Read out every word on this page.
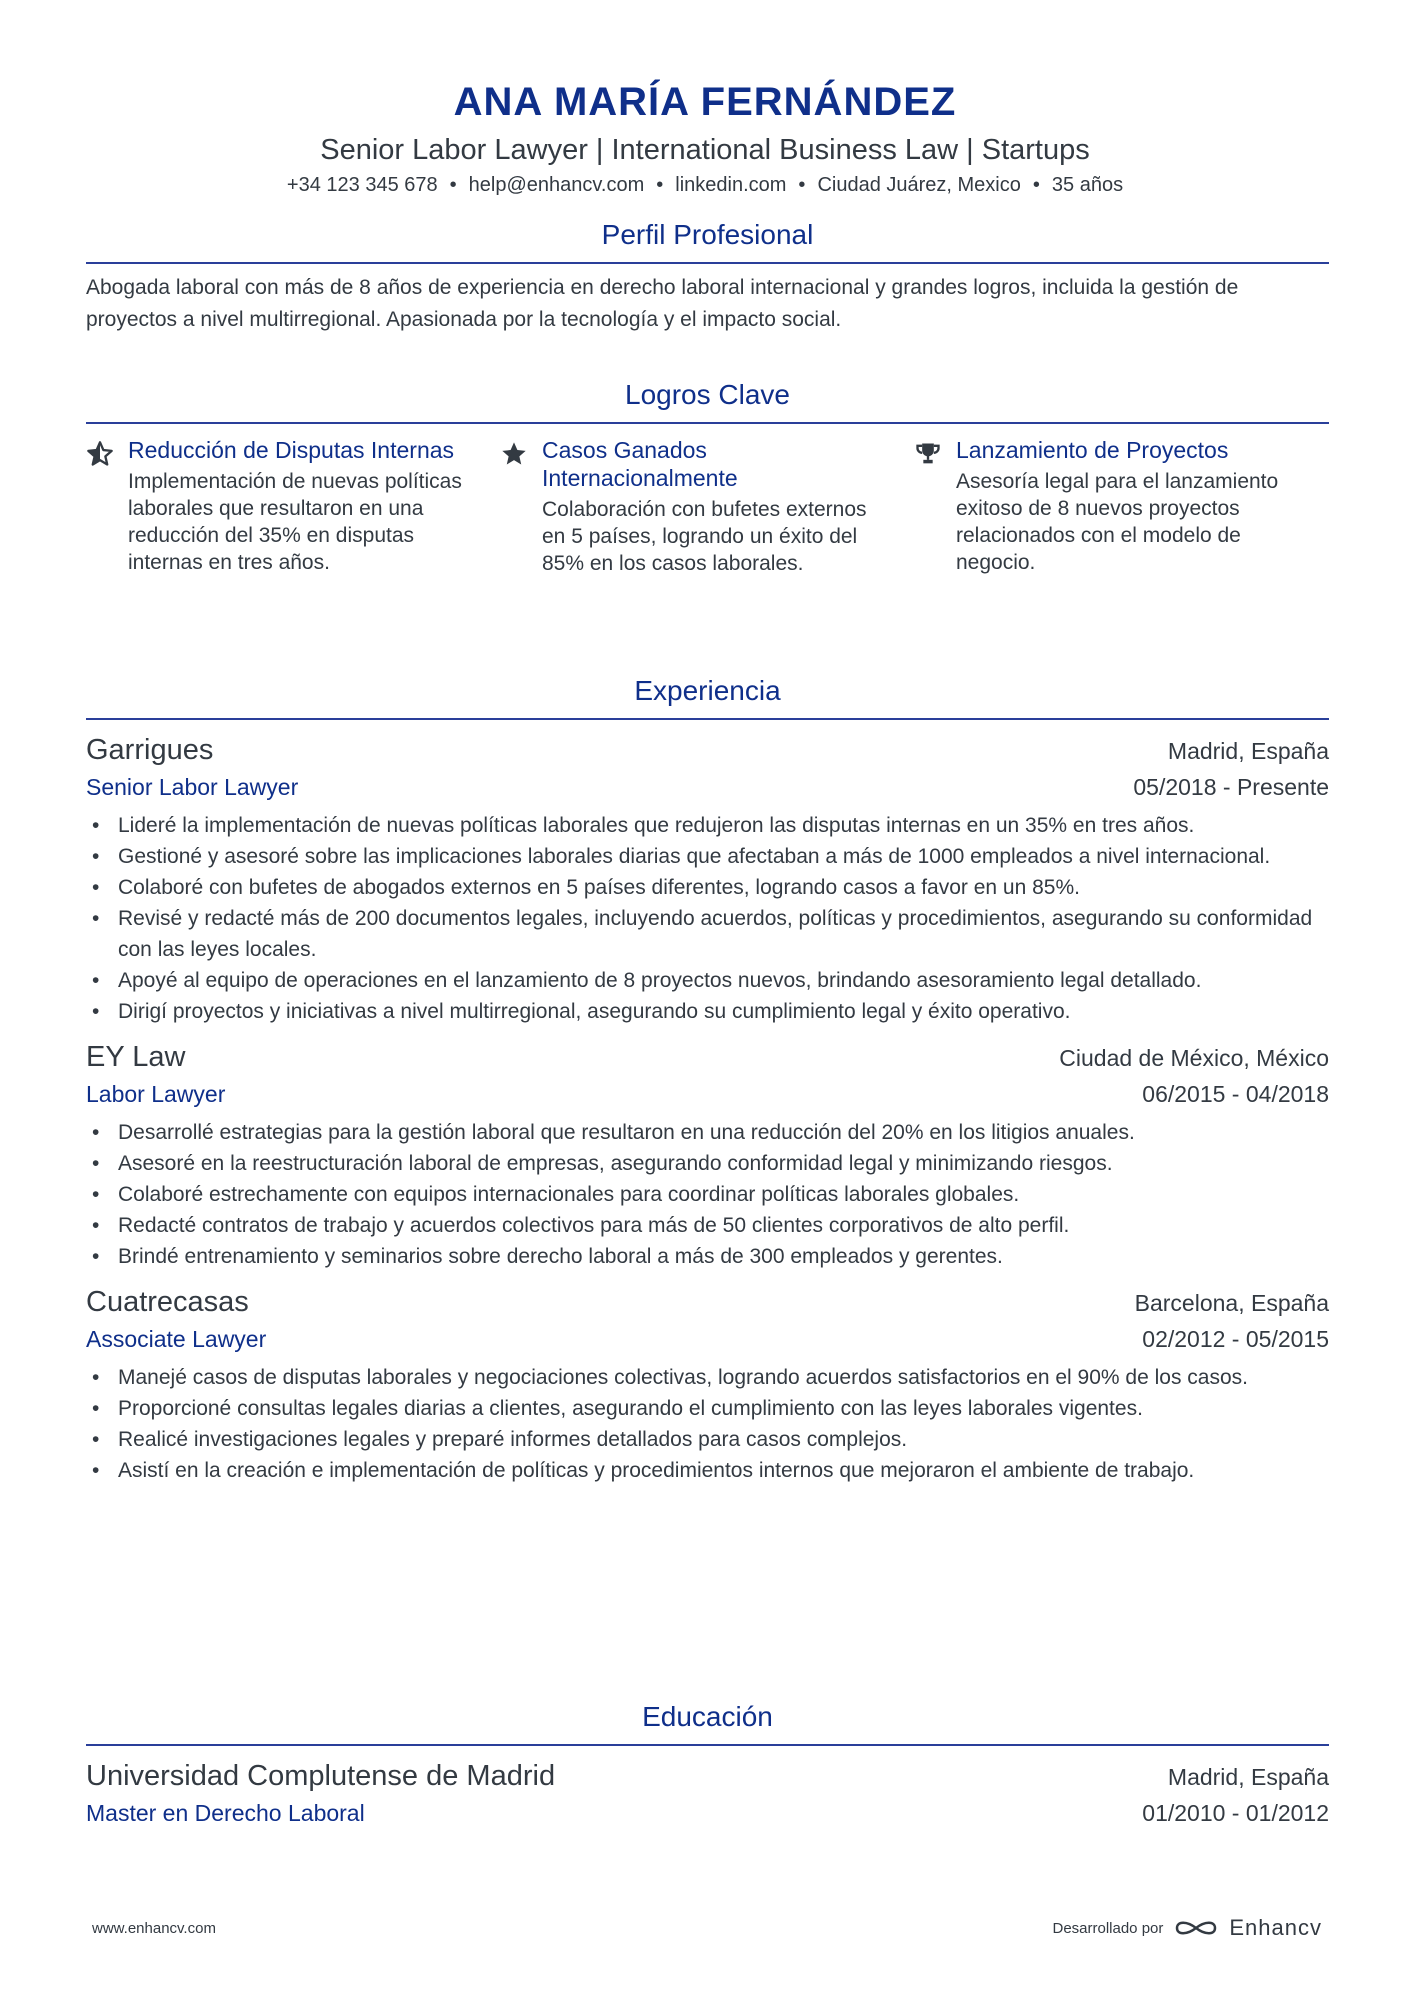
ANA MARÍA FERNÁNDEZ
Senior Labor Lawyer | International Business Law | Startups
+34 123 345 678 • help@enhancv.com • linkedin.com • Ciudad Juárez, Mexico • 35 años
Perfil Profesional
Abogada laboral con más de 8 años de experiencia en derecho laboral internacional y grandes logros, incluida la gestión de proyectos a nivel multirregional. Apasionada por la tecnología y el impacto social.
Logros Clave
Reducción de Disputas Internas
Implementación de nuevas políticas laborales que resultaron en una reducción del 35% en disputas internas en tres años.
Casos Ganados Internacionalmente
Colaboración con bufetes externos en 5 países, logrando un éxito del 85% en los casos laborales.
Lanzamiento de Proyectos
Asesoría legal para el lanzamiento exitoso de 8 nuevos proyectos relacionados con el modelo de negocio.
Experiencia
Garrigues	Madrid, España
Senior Labor Lawyer	05/2018 - Presente
• Lideré la implementación de nuevas políticas laborales que redujeron las disputas internas en un 35% en tres años.
• Gestioné y asesoré sobre las implicaciones laborales diarias que afectaban a más de 1000 empleados a nivel internacional.
• Colaboré con bufetes de abogados externos en 5 países diferentes, logrando casos a favor en un 85%.
• Revisé y redacté más de 200 documentos legales, incluyendo acuerdos, políticas y procedimientos, asegurando su conformidad con las leyes locales.
• Apoyé al equipo de operaciones en el lanzamiento de 8 proyectos nuevos, brindando asesoramiento legal detallado.
• Dirigí proyectos y iniciativas a nivel multirregional, asegurando su cumplimiento legal y éxito operativo.
EY Law	Ciudad de México, México
Labor Lawyer	06/2015 - 04/2018
• Desarrollé estrategias para la gestión laboral que resultaron en una reducción del 20% en los litigios anuales.
• Asesoré en la reestructuración laboral de empresas, asegurando conformidad legal y minimizando riesgos.
• Colaboré estrechamente con equipos internacionales para coordinar políticas laborales globales.
• Redacté contratos de trabajo y acuerdos colectivos para más de 50 clientes corporativos de alto perfil.
• Brindé entrenamiento y seminarios sobre derecho laboral a más de 300 empleados y gerentes.
Cuatrecasas	Barcelona, España
Associate Lawyer	02/2012 - 05/2015
• Manejé casos de disputas laborales y negociaciones colectivas, logrando acuerdos satisfactorios en el 90% de los casos.
• Proporcioné consultas legales diarias a clientes, asegurando el cumplimiento con las leyes laborales vigentes.
• Realicé investigaciones legales y preparé informes detallados para casos complejos.
• Asistí en la creación e implementación de políticas y procedimientos internos que mejoraron el ambiente de trabajo.
Educación
Universidad Complutense de Madrid	Madrid, España
Master en Derecho Laboral	01/2010 - 01/2012
www.enhancv.com	Desarrollado por	Enhancv
